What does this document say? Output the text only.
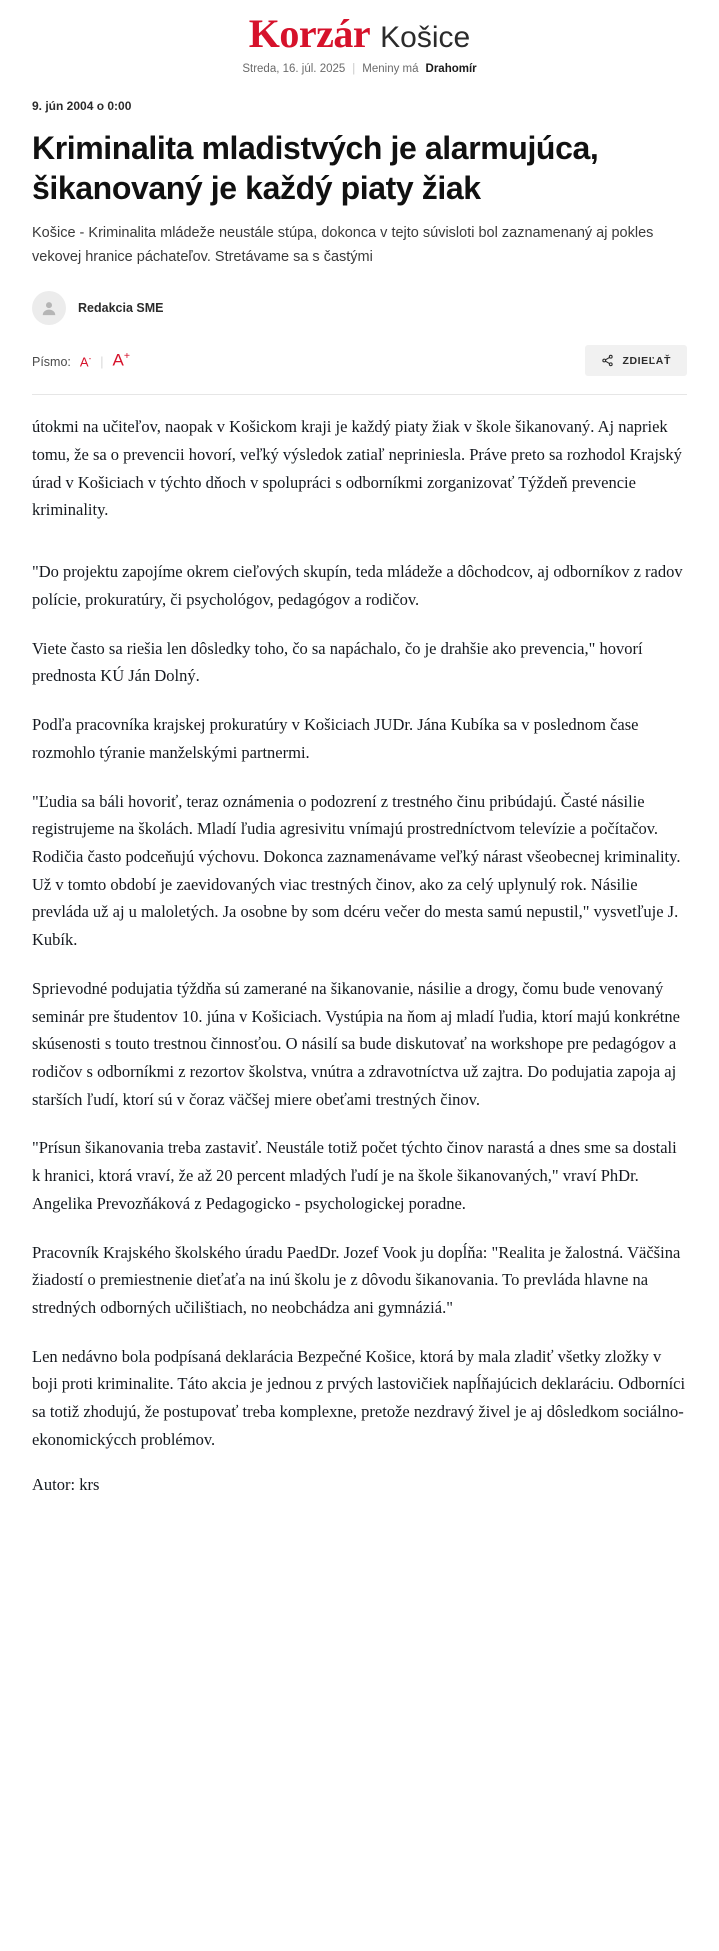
Korzár Košice
Streda, 16. júl. 2025 | Meniny má Drahomír
9. jún 2004 o 0:00
Kriminalita mladistvých je alarmujúca, šikanovaný je každý piaty žiak
Košice - Kriminalita mládeže neustále stúpa, dokonca v tejto súvisloti bol zaznamenaný aj pokles vekovej hranice páchateľov. Stretávame sa s častými
Redakcia SME
Písmo: A- | A+	ZDIEĽAŤ

útokmi na učiteľov, naopak v Košickom kraji je každý piaty žiak v škole šikanovaný. Aj napriek tomu, že sa o prevencii hovorí, veľký výsledok zatiaľ nepriniesla. Práve preto sa rozhodol Krajský úrad v Košiciach v týchto dňoch v spolupráci s odborníkmi zorganizovať Týždeň prevencie kriminality.

"Do projektu zapojíme okrem cieľových skupín, teda mládeže a dôchodcov, aj odborníkov z radov polície, prokuratúry, či psychológov, pedagógov a rodičov.

Viete často sa riešia len dôsledky toho, čo sa napáchalo, čo je drahšie ako prevencia," hovorí prednosta KÚ Ján Dolný.

Podľa pracovníka krajskej prokuratúry v Košiciach JUDr. Jána Kubíka sa v poslednom čase rozmohlo týranie manželskými partnermi.

"Ľudia sa báli hovoriť, teraz oznámenia o podozrení z trestného činu pribúdajú. Časté násilie registrujeme na školách. Mladí ľudia agresivitu vnímajú prostredníctvom televízie a počítačov. Rodičia často podceňujú výchovu. Dokonca zaznamenávame veľký nárast všeobecnej kriminality. Už v tomto období je zaevidovaných viac trestných činov, ako za celý uplynulý rok. Násilie prevláda už aj u maloletých. Ja osobne by som dcéru večer do mesta samú nepustil," vysvetľuje J. Kubík.

Sprievodné podujatia týždňa sú zamerané na šikanovanie, násilie a drogy, čomu bude venovaný seminár pre študentov 10. júna v Košiciach. Vystúpia na ňom aj mladí ľudia, ktorí majú konkrétne skúsenosti s touto trestnou činnosťou. O násilí sa bude diskutovať na workshope pre pedagógov a rodičov s odborníkmi z rezortov školstva, vnútra a zdravotníctva už zajtra. Do podujatia zapoja aj starších ľudí, ktorí sú v čoraz väčšej miere obeťami trestných činov.

"Prísun šikanovania treba zastaviť. Neustále totiž počet týchto činov narastá a dnes sme sa dostali k hranici, ktorá vraví, že až 20 percent mladých ľudí je na škole šikanovaných," vraví PhDr. Angelika Prevozňáková z Pedagogicko - psychologickej poradne.

Pracovník Krajského školského úradu PaedDr. Jozef Vook ju dopĺňa: "Realita je žalostná. Väčšina žiadostí o premiestnenie dieťaťa na inú školu je z dôvodu šikanovania. To prevláda hlavne na stredných odborných učilištiach, no neobchádza ani gymnáziá."

Len nedávno bola podpísaná deklarácia Bezpečné Košice, ktorá by mala zladiť všetky zložky v boji proti kriminalite. Táto akcia je jednou z prvých lastovičiek napĺňajúcich deklaráciu. Odborníci sa totiž zhodujú, že postupovať treba komplexne, pretože nezdravý živel je aj dôsledkom sociálno-ekonomickýcch problémov.

Autor: krs
